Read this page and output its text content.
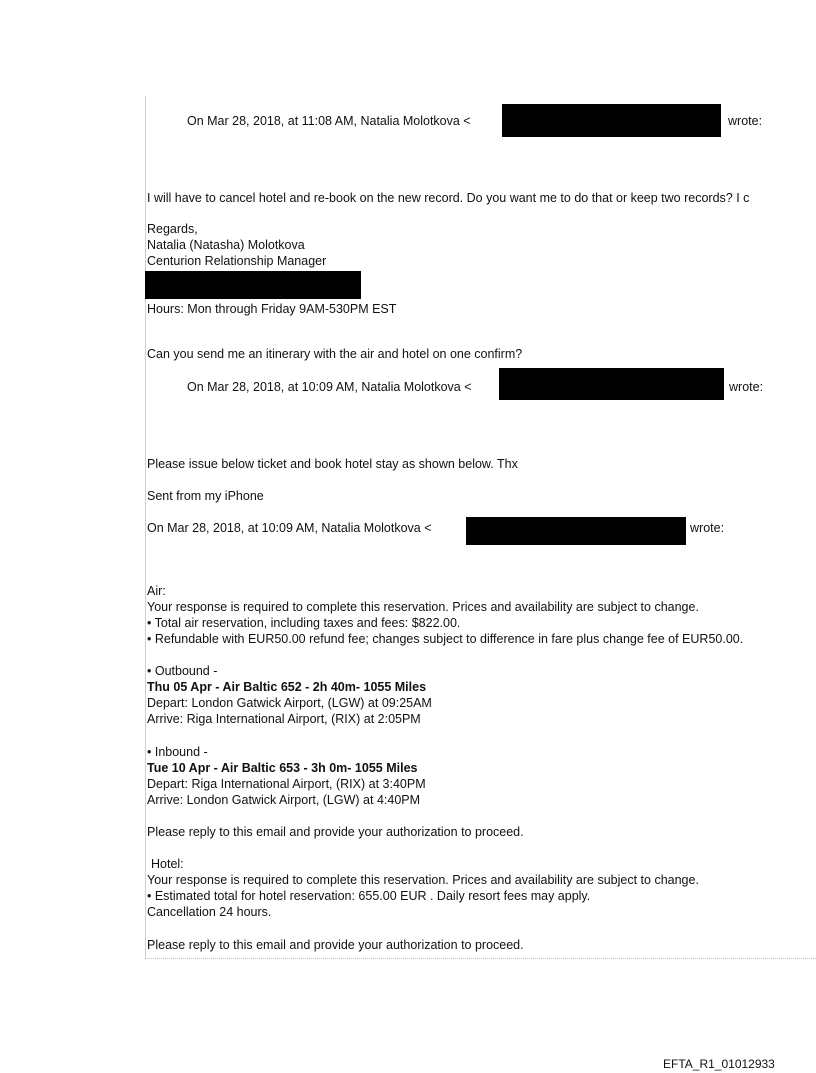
On Mar 28, 2018, at 11:08 AM, Natalia Molotkova <	wrote:
I will have to cancel hotel and re-book on the new record. Do you want me to do that or keep two records? I c
Regards,
Natalia (Natasha) Molotkova
Centurion Relationship Manager
Hours: Mon through Friday 9AM-530PM EST
Can you send me an itinerary with the air and hotel on one confirm?
On Mar 28, 2018, at 10:09 AM, Natalia Molotkova <	wrote:
Please issue below ticket and book hotel stay as shown below. Thx
Sent from my iPhone
On Mar 28, 2018, at 10:09 AM, Natalia Molotkova <	wrote:
Air:
Your response is required to complete this reservation. Prices and availability are subject to change.
• Total air reservation, including taxes and fees: $822.00.
• Refundable with EUR50.00 refund fee; changes subject to difference in fare plus change fee of EUR50.00.
• Outbound -
Thu 05 Apr - Air Baltic 652 - 2h 40m- 1055 Miles
Depart: London Gatwick Airport, (LGW) at 09:25AM
Arrive: Riga International Airport, (RIX) at 2:05PM
• Inbound -
Tue 10 Apr - Air Baltic 653 - 3h 0m- 1055 Miles
Depart: Riga International Airport, (RIX) at 3:40PM
Arrive: London Gatwick Airport, (LGW) at 4:40PM
Please reply to this email and provide your authorization to proceed.
Hotel:
Your response is required to complete this reservation. Prices and availability are subject to change.
• Estimated total for hotel reservation: 655.00 EUR . Daily resort fees may apply.
Cancellation 24 hours.
Please reply to this email and provide your authorization to proceed.
EFTA_R1_01012933
